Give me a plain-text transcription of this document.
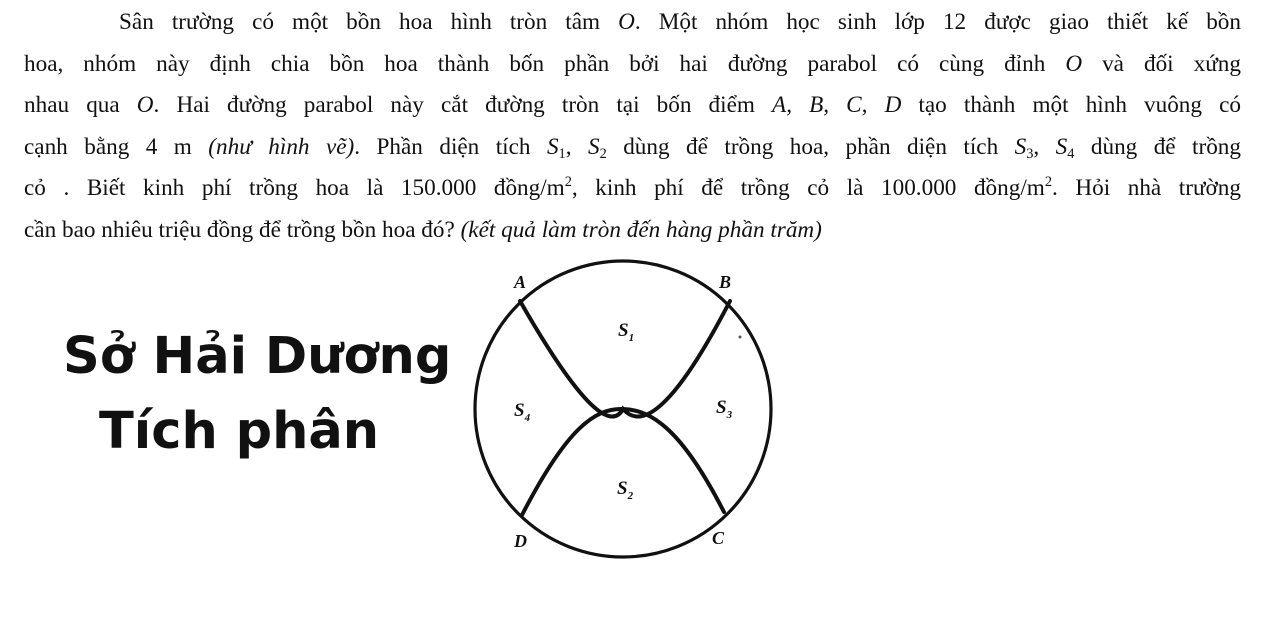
Sân trường có một bồn hoa hình tròn tâm O. Một nhóm học sinh lớp 12 được giao thiết kế bồn
hoa, nhóm này định chia bồn hoa thành bốn phần bởi hai đường parabol có cùng đỉnh O và đối xứng
nhau qua O. Hai đường parabol này cắt đường tròn tại bốn điểm A, B, C, D tạo thành một hình vuông có
cạnh bằng 4 m (như hình vẽ). Phần diện tích $S_1$, $S_2$ dùng để trồng hoa, phần diện tích $S_3$, $S_4$ dùng để trồng
cỏ . Biết kinh phí trồng hoa là 150.000 đồng/$m^2$, kinh phí để trồng cỏ là 100.000 đồng/$m^2$. Hỏi nhà trường
cần bao nhiêu triệu đồng để trồng bồn hoa đó? (kết quả làm tròn đến hàng phần trăm)

Sở Hải Dương
Tích phân
A	B
C
D
$S_1$
$S_2$
$S_3$
$S_4$
